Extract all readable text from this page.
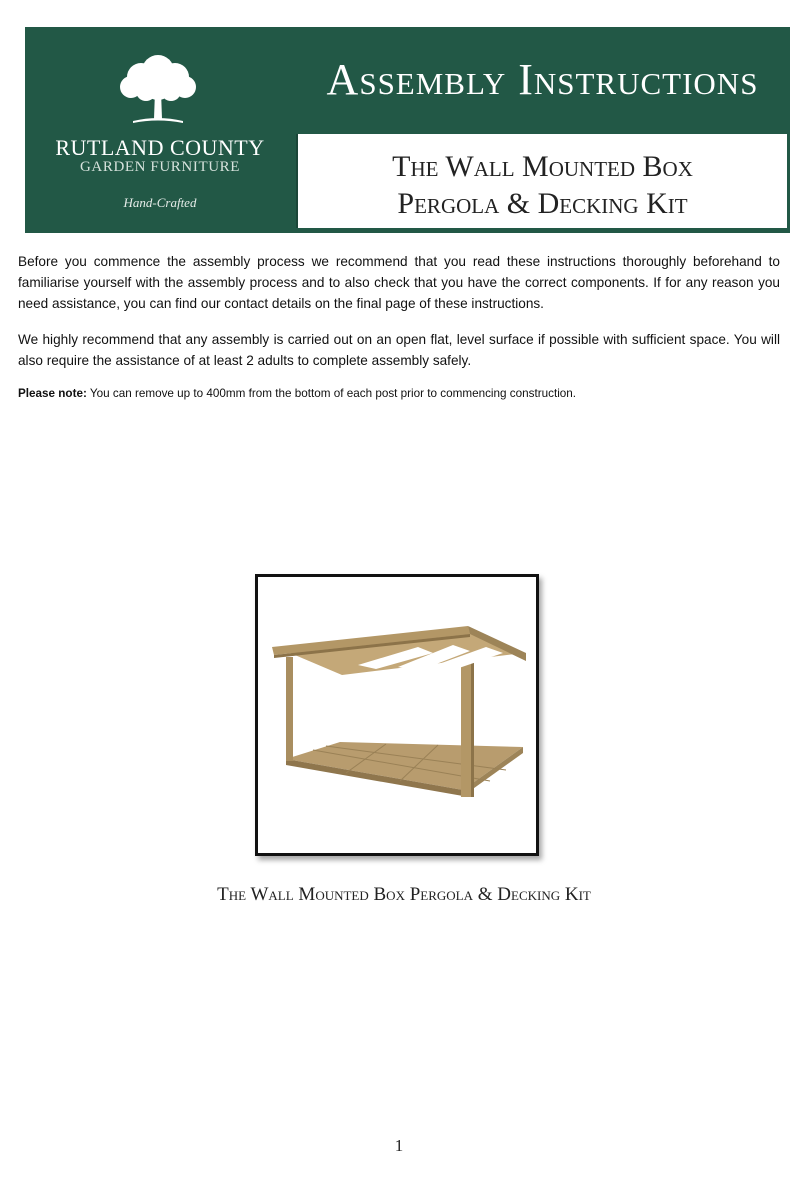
RUTLAND COUNTY
GARDEN FURNITURE
Hand-Crafted
Assembly Instructions
The Wall Mounted Box
Pergola & Decking Kit

Before you commence the assembly process we recommend that you read these instructions thoroughly beforehand to familiarise yourself with the assembly process and to also check that you have the correct components. If for any reason you need assistance, you can find our contact details on the final page of these instructions.

We highly recommend that any assembly is carried out on an open flat, level surface if possible with sufficient space. You will also require the assistance of at least 2 adults to complete assembly safely.

Please note: You can remove up to 400mm from the bottom of each post prior to commencing construction.
The Wall Mounted Box Pergola & Decking Kit
1
